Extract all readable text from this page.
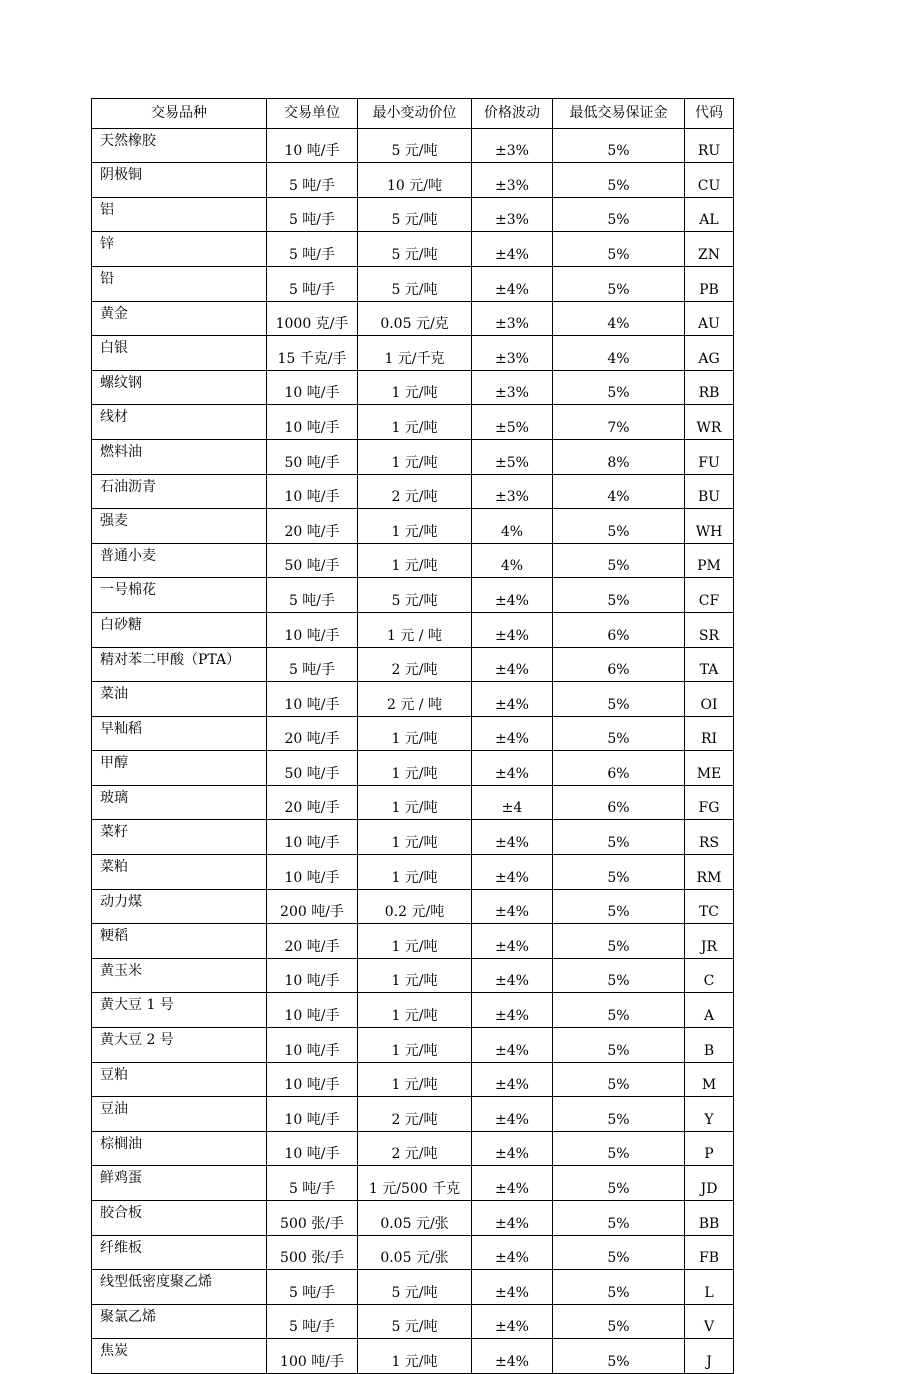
交易品种	交易单位	最小变动价位	价格波动	最低交易保证金	代码
天然橡胶	10 吨/手	5 元/吨	±3%	5%	RU
阴极铜	5 吨/手	10 元/吨	±3%	5%	CU
铝	5 吨/手	5 元/吨	±3%	5%	AL
锌	5 吨/手	5 元/吨	±4%	5%	ZN
铅	5 吨/手	5 元/吨	±4%	5%	PB
黄金	1000 克/手	0.05 元/克	±3%	4%	AU
白银	15 千克/手	1 元/千克	±3%	4%	AG
螺纹钢	10 吨/手	1 元/吨	±3%	5%	RB
线材	10 吨/手	1 元/吨	±5%	7%	WR
燃料油	50 吨/手	1 元/吨	±5%	8%	FU
石油沥青	10 吨/手	2 元/吨	±3%	4%	BU
强麦	20 吨/手	1 元/吨	4%	5%	WH
普通小麦	50 吨/手	1 元/吨	4%	5%	PM
一号棉花	5 吨/手	5 元/吨	±4%	5%	CF
白砂糖	10 吨/手	1 元 / 吨	±4%	6%	SR
精对苯二甲酸（PTA）	5 吨/手	2 元/吨	±4%	6%	TA
菜油	10 吨/手	2 元 / 吨	±4%	5%	OI
早籼稻	20 吨/手	1 元/吨	±4%	5%	RI
甲醇	50 吨/手	1 元/吨	±4%	6%	ME
玻璃	20 吨/手	1 元/吨	±4	6%	FG
菜籽	10 吨/手	1 元/吨	±4%	5%	RS
菜粕	10 吨/手	1 元/吨	±4%	5%	RM
动力煤	200 吨/手	0.2 元/吨	±4%	5%	TC
粳稻	20 吨/手	1 元/吨	±4%	5%	JR
黄玉米	10 吨/手	1 元/吨	±4%	5%	C
黄大豆 1 号	10 吨/手	1 元/吨	±4%	5%	A
黄大豆 2 号	10 吨/手	1 元/吨	±4%	5%	B
豆粕	10 吨/手	1 元/吨	±4%	5%	M
豆油	10 吨/手	2 元/吨	±4%	5%	Y
棕榈油	10 吨/手	2 元/吨	±4%	5%	P
鲜鸡蛋	5 吨/手	1 元/500 千克	±4%	5%	JD
胶合板	500 张/手	0.05 元/张	±4%	5%	BB
纤维板	500 张/手	0.05 元/张	±4%	5%	FB
线型低密度聚乙烯	5 吨/手	5 元/吨	±4%	5%	L
聚氯乙烯	5 吨/手	5 元/吨	±4%	5%	V
焦炭	100 吨/手	1 元/吨	±4%	5%	J
